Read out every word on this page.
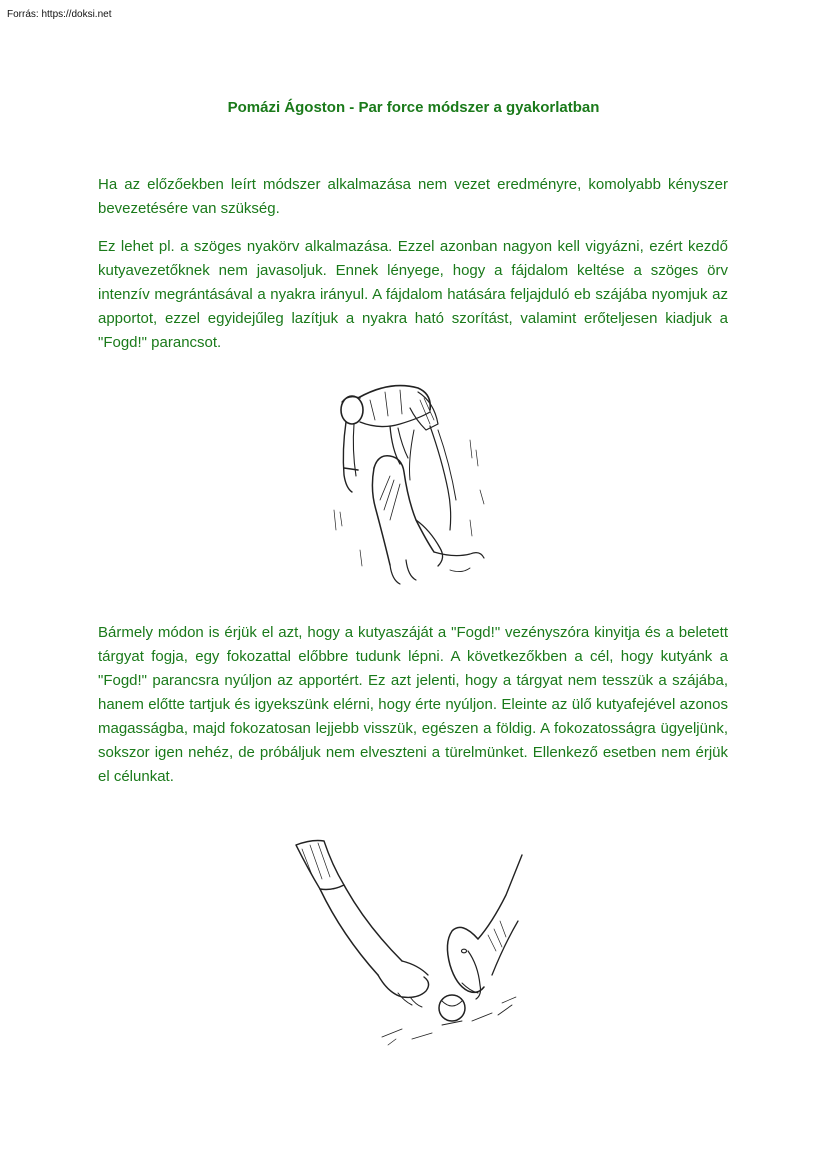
Forrás: https://doksi.net
Pomázi Ágoston - Par force módszer a gyakorlatban

Ha az előzőekben leírt módszer alkalmazása nem vezet eredményre, komolyabb kényszer bevezetésére van szükség.

Ez lehet pl. a szöges nyakörv alkalmazása. Ezzel azonban nagyon kell vigyázni, ezért kezdő kutyavezetőknek nem javasoljuk. Ennek lényege, hogy a fájdalom keltése a szöges örv intenzív megrántásával a nyakra irányul. A fájdalom hatására feljajduló eb szájába nyomjuk az apportot, ezzel egyidejűleg lazítjuk a nyakra ható szorítást, valamint erőteljesen kiadjuk a "Fogd!" parancsot.

Bármely módon is érjük el azt, hogy a kutyaszáját a "Fogd!" vezényszóra kinyitja és a beletett tárgyat fogja, egy fokozattal előbbre tudunk lépni. A következőkben a cél, hogy kutyánk a "Fogd!" parancsra nyúljon az apportért. Ez azt jelenti, hogy a tárgyat nem tesszük a szájába, hanem előtte tartjuk és igyekszünk elérni, hogy érte nyúljon. Eleinte az ülő kutyafejével azonos magasságba, majd fokozatosan lejjebb visszük, egészen a földig. A fokozatosságra ügyeljünk, sokszor igen nehéz, de próbáljuk nem elveszteni a türelmünket. Ellenkező esetben nem érjük el célunkat.
